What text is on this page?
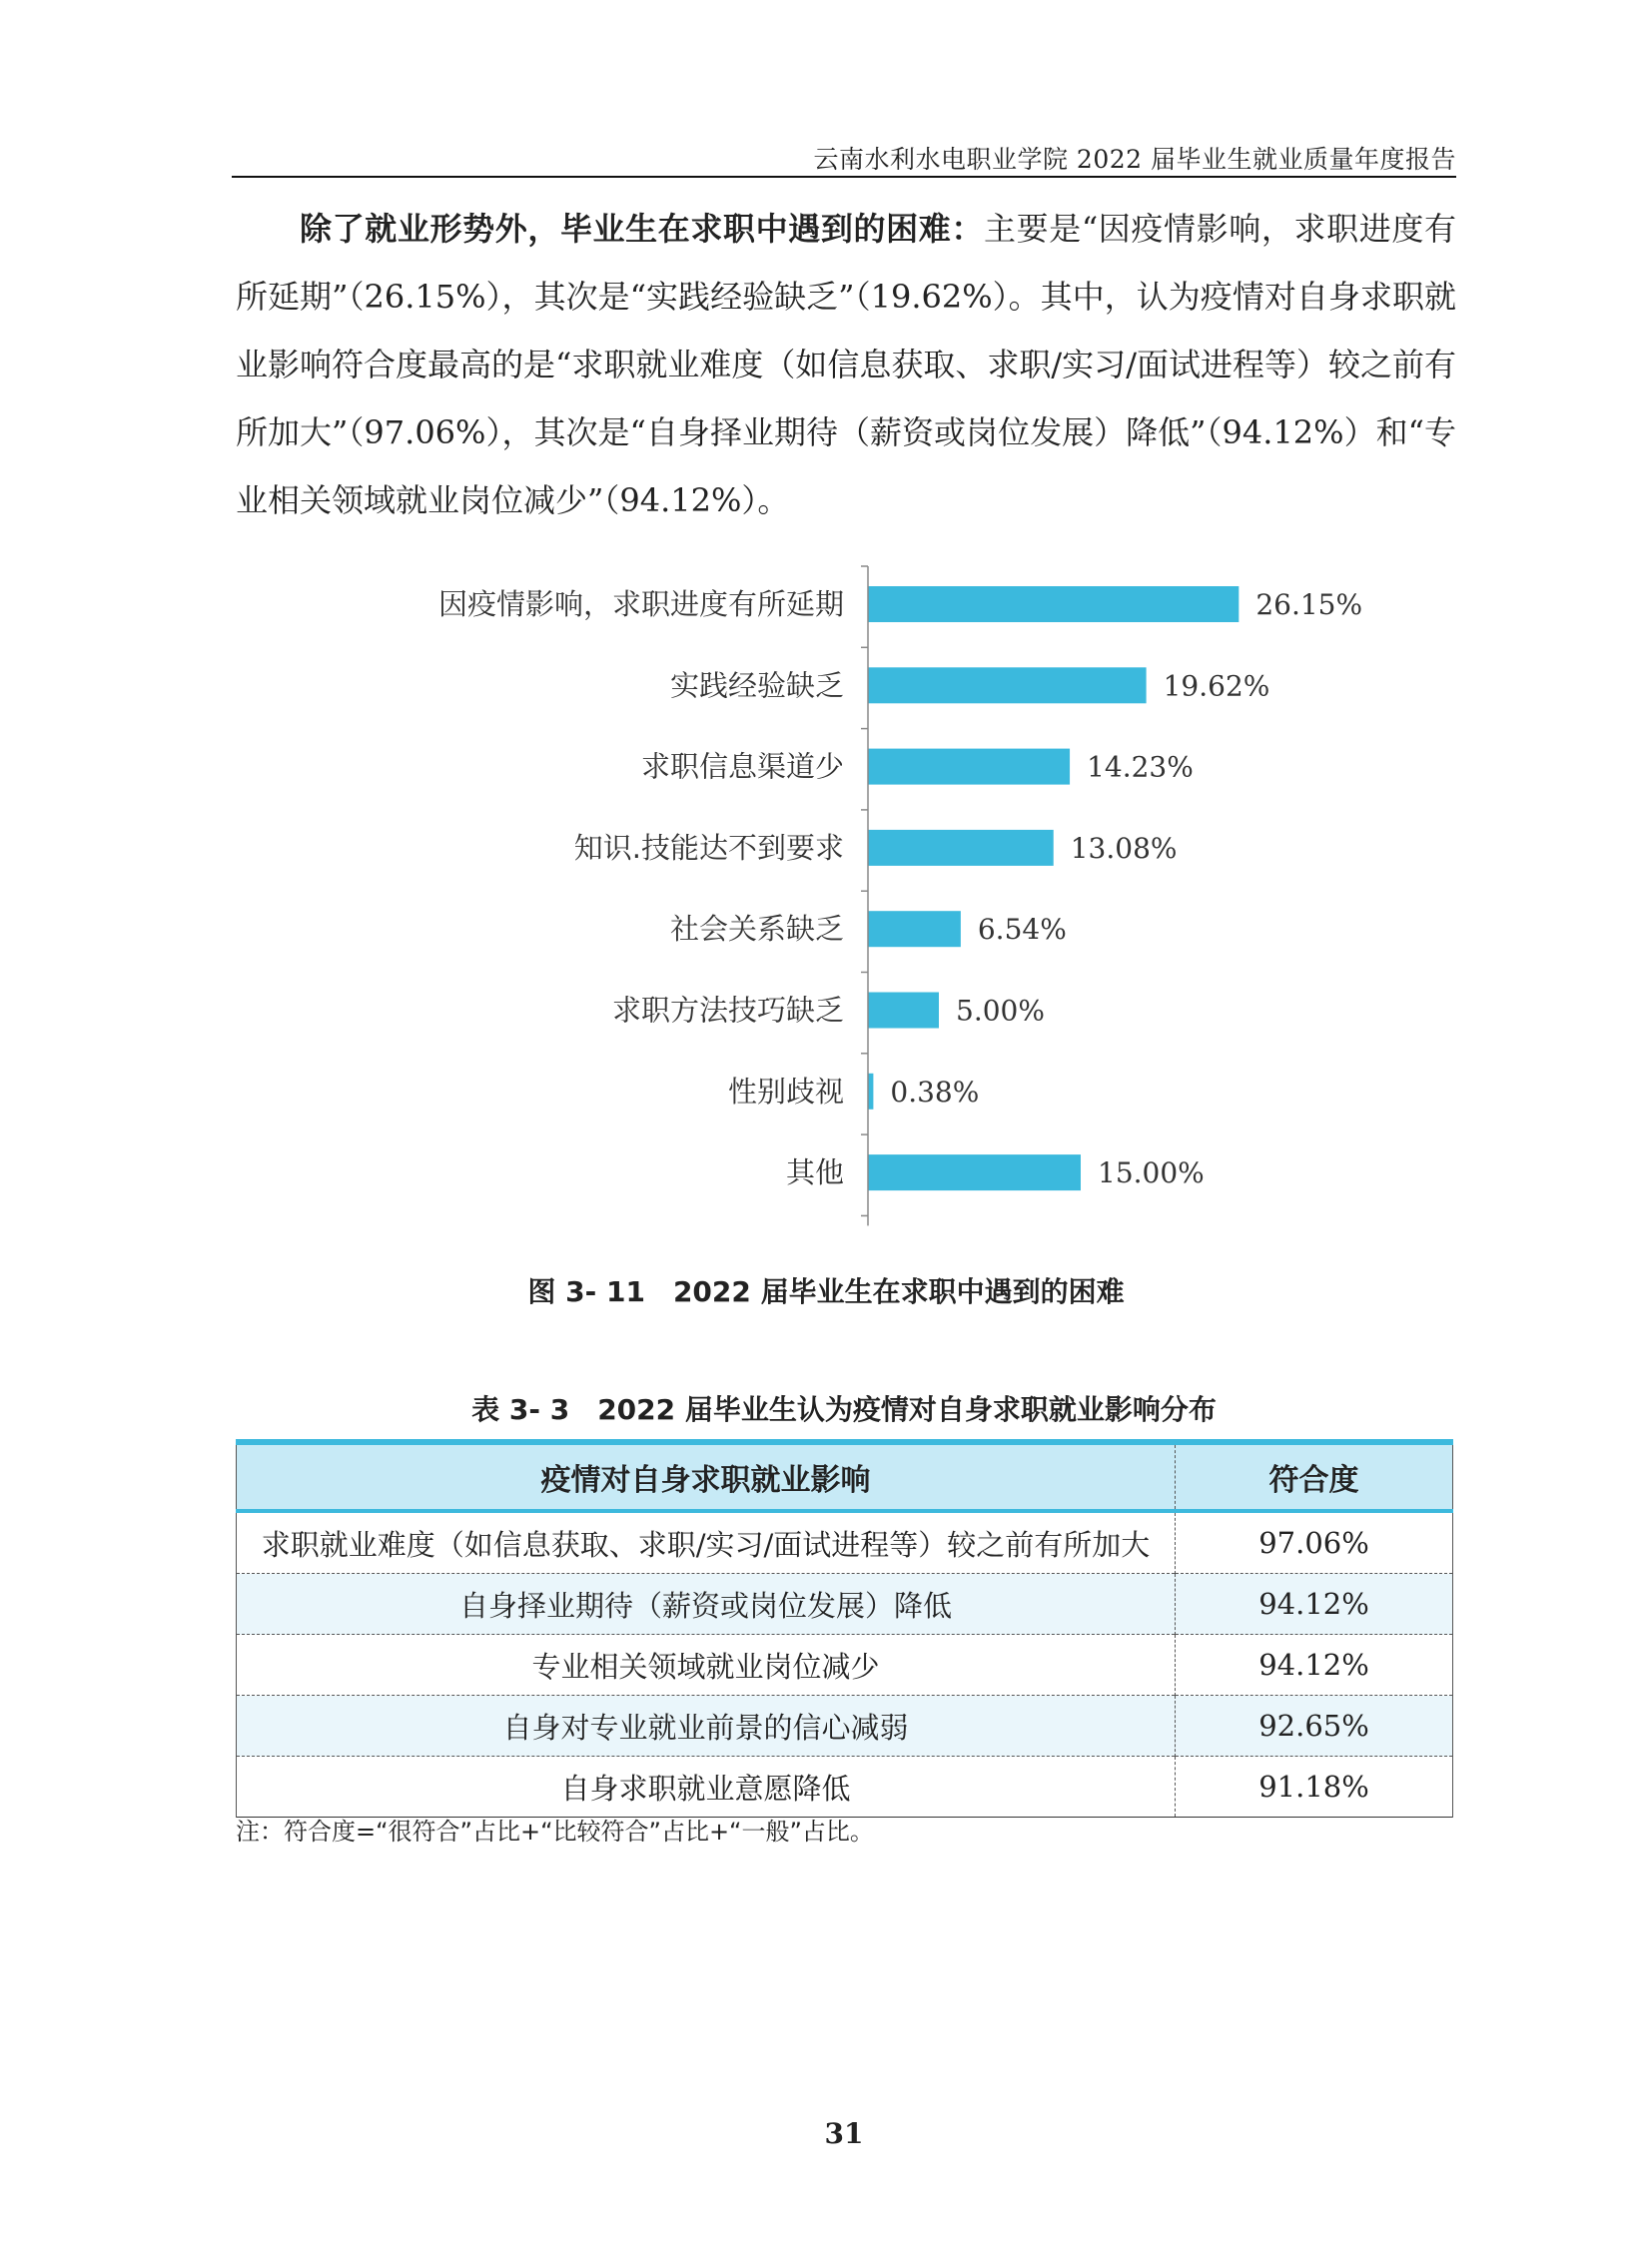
云南水利水电职业学院 2022 届毕业生就业质量年度报告
除了就业形势外，毕业生在求职中遇到的困难：主要是“因疫情影响，求职进度有所延期”（26.15%），其次是“实践经验缺乏”（19.62%）。其中，认为疫情对自身求职就业影响符合度最高的是“求职就业难度（如信息获取、求职/实习/面试进程等）较之前有所加大”（97.06%），其次是“自身择业期待（薪资或岗位发展）降低”（94.12%）和“专业相关领域就业岗位减少”（94.12%）。
因疫情影响，求职进度有所延期
实践经验缺乏
求职信息渠道少
知识.技能达不到要求
社会关系缺乏
求职方法技巧缺乏
性别歧视
其他
26.15%
19.62%
14.23%
13.08%
6.54%
5.00%
0.38%
15.00%
图 3- 11　2022 届毕业生在求职中遇到的困难
表 3- 3　2022 届毕业生认为疫情对自身求职就业影响分布
疫情对自身求职就业影响	符合度
求职就业难度（如信息获取、求职/实习/面试进程等）较之前有所加大	97.06%
自身择业期待（薪资或岗位发展）降低	94.12%
专业相关领域就业岗位减少	94.12%
自身对专业就业前景的信心减弱	92.65%
自身求职就业意愿降低	91.18%
注：符合度=“很符合”占比+“比较符合”占比+“一般”占比。
31
